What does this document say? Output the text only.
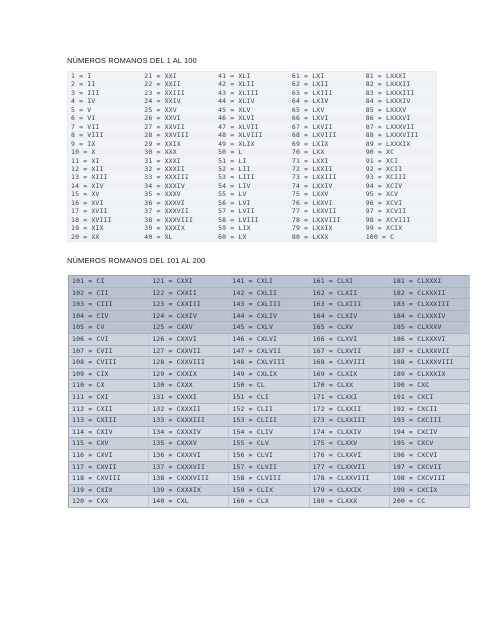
NÚMEROS ROMANOS DEL 1 AL 100
1 = I	21 = XXI	41 = XLI	61 = LXI	81 = LXXXI
2 = II	22 = XXII	42 = XLII	62 = LXII	82 = LXXXII
3 = III	23 = XXIII	43 = XLIII	63 = LXIII	83 = LXXXIII
4 = IV	24 = XXIV	44 = XLIV	64 = LXIV	84 = LXXXIV
5 = V	25 = XXV	45 = XLV	65 = LXV	85 = LXXXV
6 = VI	26 = XXVI	46 = XLVI	66 = LXVI	86 = LXXXVI
7 = VII	27 = XXVII	47 = XLVII	67 = LXVII	87 = LXXXVII
8 = VIII	28 = XXVIII	48 = XLVIII	68 = LXVIII	88 = LXXXVIII
9 = IX	29 = XXIX	49 = XLIX	69 = LXIX	89 = LXXXIX
10 = X	30 = XXX	50 = L	70 = LXX	90 = XC
11 = XI	31 = XXXI	51 = LI	71 = LXXI	91 = XCI
12 = XII	32 = XXXII	52 = LII	72 = LXXII	92 = XCII
13 = XIII	33 = XXXIII	53 = LIII	73 = LXXIII	93 = XCIII
14 = XIV	34 = XXXIV	54 = LIV	74 = LXXIV	94 = XCIV
15 = XV	35 = XXXV	55 = LV	75 = LXXV	95 = XCV
16 = XVI	36 = XXXVI	56 = LVI	76 = LXXVI	96 = XCVI
17 = XVII	37 = XXXVII	57 = LVII	77 = LXXVII	97 = XCVII
18 = XVIII	38 = XXXVIII	58 = LVIII	78 = LXXVIII	98 = XCVIII
19 = XIX	39 = XXXIX	59 = LIX	79 = LXXIX	99 = XCIX
20 = XX	40 = XL	60 = LX	80 = LXXX	100 = C
NÚMEROS ROMANOS DEL 101 AL 200
101 = CI	121 = CXXI	141 = CXLI	161 = CLXI	181 = CLXXXI
102 = CII	122 = CXXII	142 = CXLII	162 = CLXII	182 = CLXXXII
103 = CIII	123 = CXXIII	143 = CXLIII	163 = CLXIII	183 = CLXXXIII
104 = CIV	124 = CXXIV	144 = CXLIV	164 = CLXIV	184 = CLXXXIV
105 = CV	125 = CXXV	145 = CXLV	165 = CLXV	185 = CLXXXV
106 = CVI	126 = CXXVI	146 = CXLVI	166 = CLXVI	186 = CLXXXVI
107 = CVII	127 = CXXVII	147 = CXLVII	167 = CLXVII	187 = CLXXXVII
108 = CVIII	128 = CXXVIII	148 = CXLVIII	168 = CLXVIII	188 = CLXXXVIII
109 = CIX	129 = CXXIX	149 = CXLIX	169 = CLXIX	189 = CLXXXIX
110 = CX	130 = CXXX	150 = CL	170 = CLXX	190 = CXC
111 = CXI	131 = CXXXI	151 = CLI	171 = CLXXI	191 = CXCI
112 = CXII	132 = CXXXII	152 = CLII	172 = CLXXII	192 = CXCII
113 = CXIII	133 = CXXXIII	153 = CLIII	173 = CLXXIII	193 = CXCIII
114 = CXIV	134 = CXXXIV	154 = CLIV	174 = CLXXIV	194 = CXCIV
115 = CXV	135 = CXXXV	155 = CLV	175 = CLXXV	195 = CXCV
116 = CXVI	136 = CXXXVI	156 = CLVI	176 = CLXXVI	196 = CXCVI
117 = CXVII	137 = CXXXVII	157 = CLVII	177 = CLXXVII	197 = CXCVII
118 = CXVIII	138 = CXXXVIII	158 = CLVIII	178 = CLXXVIII	198 = CXCVIII
119 = CXIX	139 = CXXXIX	159 = CLIX	179 = CLXXIX	199 = CXCIX
120 = CXX	140 = CXL	160 = CLX	180 = CLXXX	200 = CC
